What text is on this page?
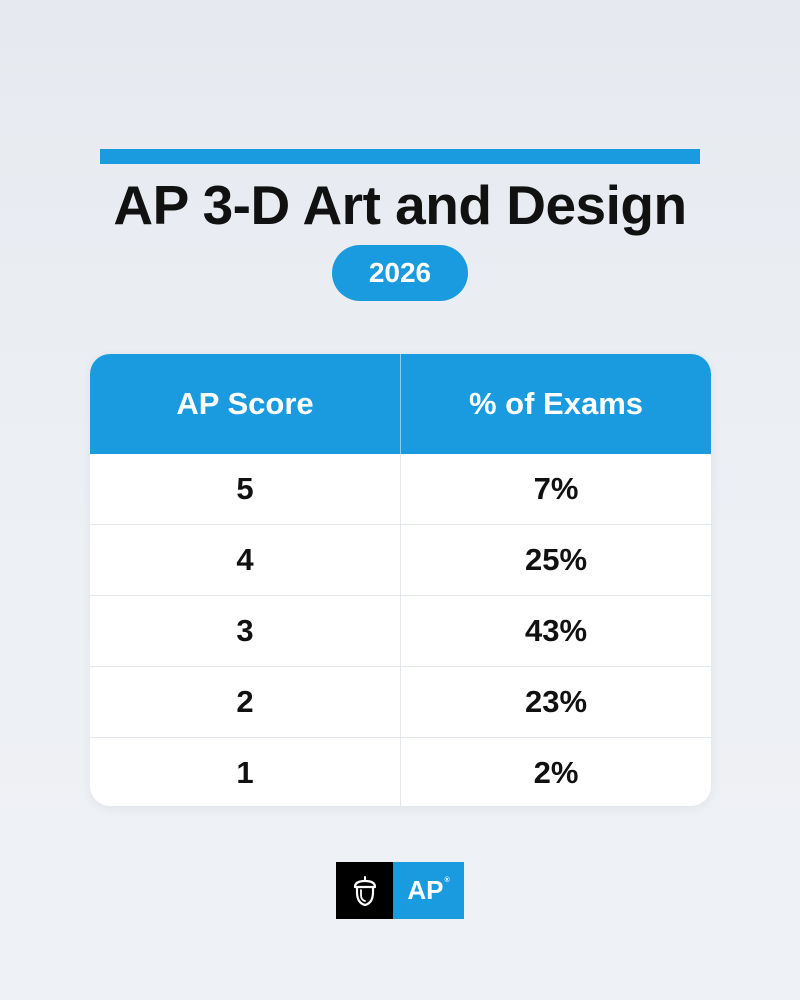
AP 3-D Art and Design
2026
AP Score	% of Exams
5	7%
4	25%
3	43%
2	23%
1	2%
AP®
